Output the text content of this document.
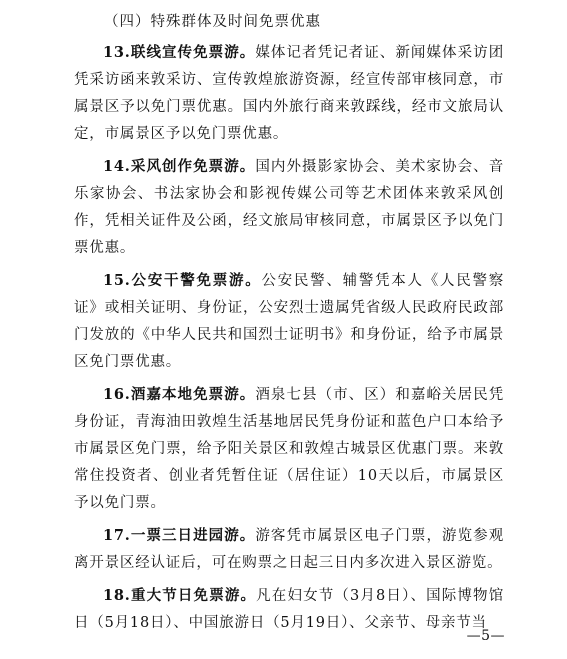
（四）特殊群体及时间免票优惠

13.联线宣传免票游。媒体记者凭记者证、新闻媒体采访团凭采访函来敦采访、宣传敦煌旅游资源，经宣传部审核同意，市属景区予以免门票优惠。国内外旅行商来敦踩线，经市文旅局认定，市属景区予以免门票优惠。

14.采风创作免票游。国内外摄影家协会、美术家协会、音乐家协会、书法家协会和影视传媒公司等艺术团体来敦采风创作，凭相关证件及公函，经文旅局审核同意，市属景区予以免门票优惠。

15.公安干警免票游。公安民警、辅警凭本人《人民警察证》或相关证明、身份证，公安烈士遗属凭省级人民政府民政部门发放的《中华人民共和国烈士证明书》和身份证，给予市属景区免门票优惠。

16.酒嘉本地免票游。酒泉七县（市、区）和嘉峪关居民凭身份证，青海油田敦煌生活基地居民凭身份证和蓝色户口本给予市属景区免门票，给予阳关景区和敦煌古城景区优惠门票。来敦常住投资者、创业者凭暂住证（居住证）10天以后，市属景区予以免门票。

17.一票三日进园游。游客凭市属景区电子门票，游览参观离开景区经认证后，可在购票之日起三日内多次进入景区游览。

18.重大节日免票游。凡在妇女节（3月8日）、国际博物馆日（5月18日）、中国旅游日（5月19日）、父亲节、母亲节当

—5—
